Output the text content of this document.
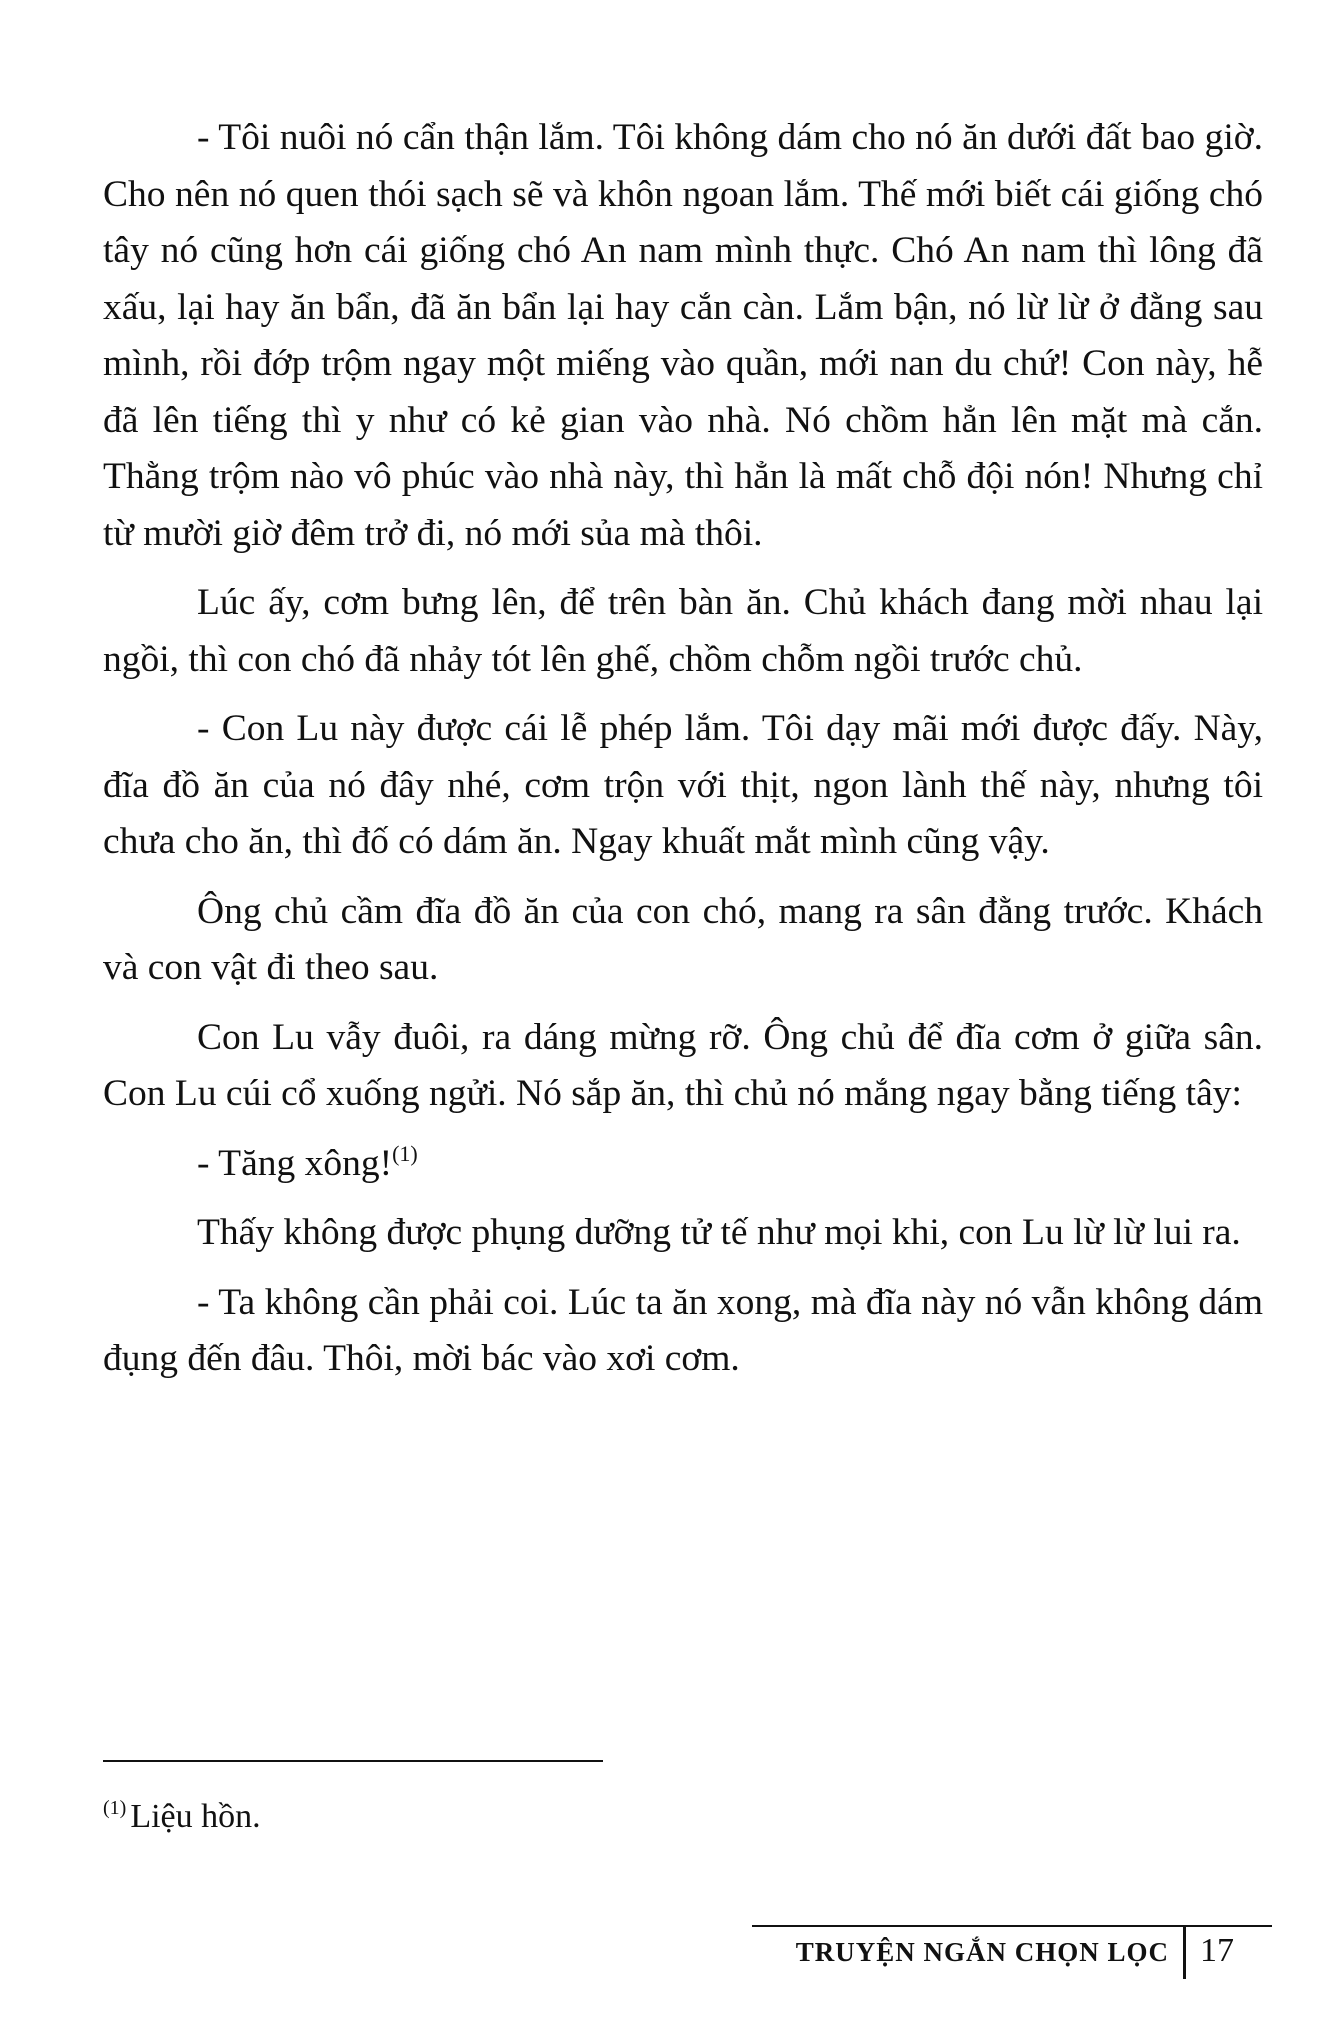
- Tôi nuôi nó cẩn thận lắm. Tôi không dám cho nó ăn dưới đất bao giờ. Cho nên nó quen thói sạch sẽ và khôn ngoan lắm. Thế mới biết cái giống chó tây nó cũng hơn cái giống chó An nam mình thực. Chó An nam thì lông đã xấu, lại hay ăn bẩn, đã ăn bẩn lại hay cắn càn. Lắm bận, nó lừ lừ ở đằng sau mình, rồi đớp trộm ngay một miếng vào quần, mới nan du chứ! Con này, hễ đã lên tiếng thì y như có kẻ gian vào nhà. Nó chồm hẳn lên mặt mà cắn. Thằng trộm nào vô phúc vào nhà này, thì hẳn là mất chỗ đội nón! Nhưng chỉ từ mười giờ đêm trở đi, nó mới sủa mà thôi.

Lúc ấy, cơm bưng lên, để trên bàn ăn. Chủ khách đang mời nhau lại ngồi, thì con chó đã nhảy tót lên ghế, chồm chỗm ngồi trước chủ.

- Con Lu này được cái lễ phép lắm. Tôi dạy mãi mới được đấy. Này, đĩa đồ ăn của nó đây nhé, cơm trộn với thịt, ngon lành thế này, nhưng tôi chưa cho ăn, thì đố có dám ăn. Ngay khuất mắt mình cũng vậy.

Ông chủ cầm đĩa đồ ăn của con chó, mang ra sân đằng trước. Khách và con vật đi theo sau.

Con Lu vẫy đuôi, ra dáng mừng rỡ. Ông chủ để đĩa cơm ở giữa sân. Con Lu cúi cổ xuống ngửi. Nó sắp ăn, thì chủ nó mắng ngay bằng tiếng tây:

- Tăng xông!$^{(1)}$

Thấy không được phụng dưỡng tử tế như mọi khi, con Lu lừ lừ lui ra.

- Ta không cần phải coi. Lúc ta ăn xong, mà đĩa này nó vẫn không dám đụng đến đâu. Thôi, mời bác vào xơi cơm.

$^{(1)}$ Liệu hồn.
TRUYỆN NGẮN CHỌN LỌC 17
